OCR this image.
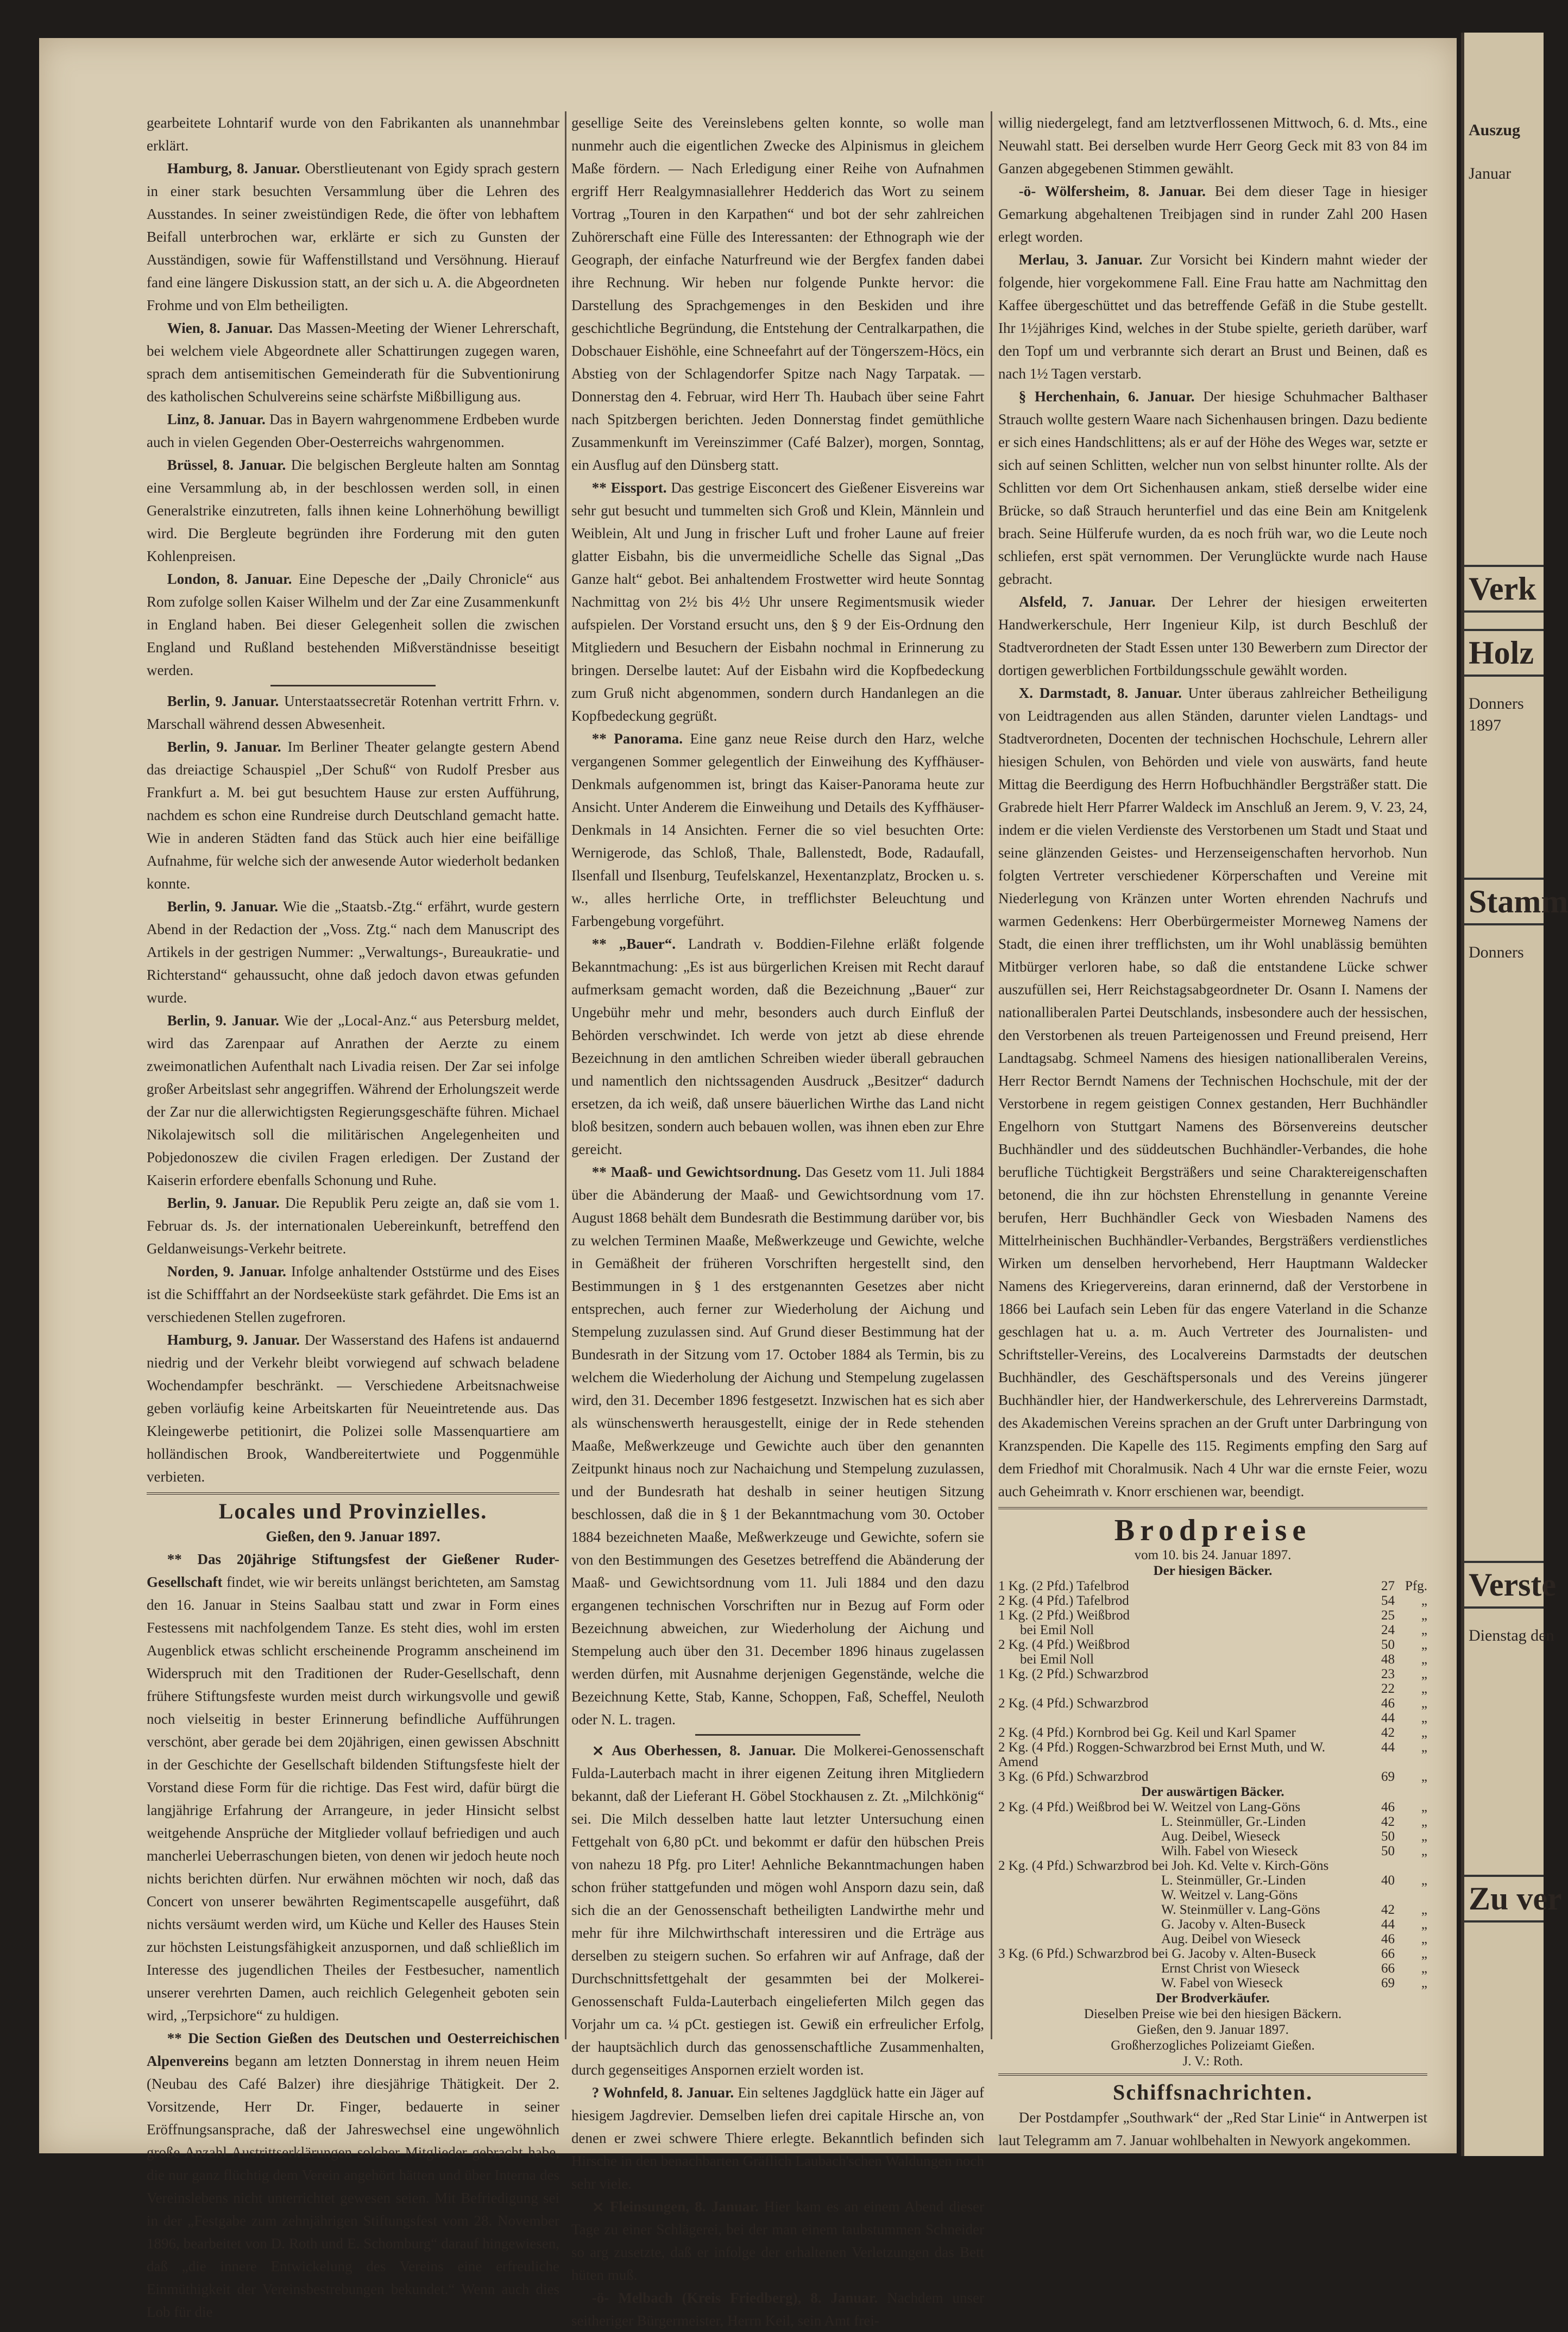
Auszug
Januar
Verk
Holz
Donners
1897
Stamm
Donners
Verste
Dienstag den
Zu ver

gearbeitete Lohntarif wurde von den Fabrikanten als unannehmbar erklärt.

Hamburg, 8. Januar. Oberstlieutenant von Egidy sprach gestern in einer stark besuchten Versammlung über die Lehren des Ausstandes. In seiner zweistündigen Rede, die öfter von lebhaftem Beifall unterbrochen war, erklärte er sich zu Gunsten der Ausständigen, sowie für Waffenstillstand und Versöhnung. Hierauf fand eine längere Diskussion statt, an der sich u. A. die Abgeordneten Frohme und von Elm betheiligten.

Wien, 8. Januar. Das Massen-Meeting der Wiener Lehrerschaft, bei welchem viele Abgeordnete aller Schattirungen zugegen waren, sprach dem antisemitischen Gemeinderath für die Subventionirung des katholischen Schulvereins seine schärfste Mißbilligung aus.

Linz, 8. Januar. Das in Bayern wahrgenommene Erdbeben wurde auch in vielen Gegenden Ober-Oesterreichs wahrgenommen.

Brüssel, 8. Januar. Die belgischen Bergleute halten am Sonntag eine Versammlung ab, in der beschlossen werden soll, in einen Generalstrike einzutreten, falls ihnen keine Lohnerhöhung bewilligt wird. Die Bergleute begründen ihre Forderung mit den guten Kohlenpreisen.

London, 8. Januar. Eine Depesche der „Daily Chronicle“ aus Rom zufolge sollen Kaiser Wilhelm und der Zar eine Zusammenkunft in England haben. Bei dieser Gelegenheit sollen die zwischen England und Rußland bestehenden Mißverständnisse beseitigt werden.

Berlin, 9. Januar. Unterstaatssecretär Rotenhan vertritt Frhrn. v. Marschall während dessen Abwesenheit.

Berlin, 9. Januar. Im Berliner Theater gelangte gestern Abend das dreiactige Schauspiel „Der Schuß“ von Rudolf Presber aus Frankfurt a. M. bei gut besuchtem Hause zur ersten Aufführung, nachdem es schon eine Rundreise durch Deutschland gemacht hatte. Wie in anderen Städten fand das Stück auch hier eine beifällige Aufnahme, für welche sich der anwesende Autor wiederholt bedanken konnte.

Berlin, 9. Januar. Wie die „Staatsb.-Ztg.“ erfährt, wurde gestern Abend in der Redaction der „Voss. Ztg.“ nach dem Manuscript des Artikels in der gestrigen Nummer: „Verwaltungs-, Bureaukratie- und Richterstand“ gehaussucht, ohne daß jedoch davon etwas gefunden wurde.

Berlin, 9. Januar. Wie der „Local-Anz.“ aus Petersburg meldet, wird das Zarenpaar auf Anrathen der Aerzte zu einem zweimonatlichen Aufenthalt nach Livadia reisen. Der Zar sei infolge großer Arbeitslast sehr angegriffen. Während der Erholungszeit werde der Zar nur die allerwichtigsten Regierungsgeschäfte führen. Michael Nikolajewitsch soll die militärischen Angelegenheiten und Pobjedonoszew die civilen Fragen erledigen. Der Zustand der Kaiserin erfordere ebenfalls Schonung und Ruhe.

Berlin, 9. Januar. Die Republik Peru zeigte an, daß sie vom 1. Februar ds. Js. der internationalen Uebereinkunft, betreffend den Geldanweisungs-Verkehr beitrete.

Norden, 9. Januar. Infolge anhaltender Oststürme und des Eises ist die Schifffahrt an der Nordseeküste stark gefährdet. Die Ems ist an verschiedenen Stellen zugefroren.

Hamburg, 9. Januar. Der Wasserstand des Hafens ist andauernd niedrig und der Verkehr bleibt vorwiegend auf schwach beladene Wochendampfer beschränkt. — Verschiedene Arbeitsnachweise geben vorläufig keine Arbeitskarten für Neueintretende aus. Das Kleingewerbe petitionirt, die Polizei solle Massenquartiere am holländischen Brook, Wandbereitertwiete und Poggenmühle verbieten.

Locales und Provinzielles.
Gießen, den 9. Januar 1897.

** Das 20jährige Stiftungsfest der Gießener Ruder-Gesellschaft findet, wie wir bereits unlängst berichteten, am Samstag den 16. Januar in Steins Saalbau statt und zwar in Form eines Festessens mit nachfolgendem Tanze. Es steht dies, wohl im ersten Augenblick etwas schlicht erscheinende Programm anscheinend im Widerspruch mit den Traditionen der Ruder-Gesellschaft, denn frühere Stiftungsfeste wurden meist durch wirkungsvolle und gewiß noch vielseitig in bester Erinnerung befindliche Aufführungen verschönt, aber gerade bei dem 20jährigen, einen gewissen Abschnitt in der Geschichte der Gesellschaft bildenden Stiftungsfeste hielt der Vorstand diese Form für die richtige. Das Fest wird, dafür bürgt die langjährige Erfahrung der Arrangeure, in jeder Hinsicht selbst weitgehende Ansprüche der Mitglieder vollauf befriedigen und auch mancherlei Ueberraschungen bieten, von denen wir jedoch heute noch nichts berichten dürfen. Nur erwähnen möchten wir noch, daß das Concert von unserer bewährten Regimentscapelle ausgeführt, daß nichts versäumt werden wird, um Küche und Keller des Hauses Stein zur höchsten Leistungsfähigkeit anzuspornen, und daß schließlich im Interesse des jugendlichen Theiles der Festbesucher, namentlich unserer verehrten Damen, auch reichlich Gelegenheit geboten sein wird, „Terpsichore“ zu huldigen.

** Die Section Gießen des Deutschen und Oesterreichischen Alpenvereins begann am letzten Donnerstag in ihrem neuen Heim (Neubau des Café Balzer) ihre diesjährige Thätigkeit. Der 2. Vorsitzende, Herr Dr. Finger, bedauerte in seiner Eröffnungsansprache, daß der Jahreswechsel eine ungewöhnlich große Anzahl Austrittserklärungen solcher Mitglieder gebracht habe, die nur ganz flüchtig dem Verein angehört hätten und über Interna des Vereinslebens nicht unterrichtet gewesen seien. Mit Befriedigung sei in der „Festgabe zum zehnjährigen Stiftungsfest vom 28. November 1896, bearbeitet von D. Roth und E. Schomburg“ darauf hingewiesen, daß „die innere Entwickelung des Vereins eine erfreuliche Einmüthigkeit der Vereinsbestrebungen bekundet.“ Wenn auch dies Lob für die

gesellige Seite des Vereinslebens gelten konnte, so wolle man nunmehr auch die eigentlichen Zwecke des Alpinismus in gleichem Maße fördern. — Nach Erledigung einer Reihe von Aufnahmen ergriff Herr Realgymnasiallehrer Hedderich das Wort zu seinem Vortrag „Touren in den Karpathen“ und bot der sehr zahlreichen Zuhörerschaft eine Fülle des Interessanten: der Ethnograph wie der Geograph, der einfache Naturfreund wie der Bergfex fanden dabei ihre Rechnung. Wir heben nur folgende Punkte hervor: die Darstellung des Sprachgemenges in den Beskiden und ihre geschichtliche Begründung, die Entstehung der Centralkarpathen, die Dobschauer Eishöhle, eine Schneefahrt auf der Töngerszem-Höcs, ein Abstieg von der Schlagendorfer Spitze nach Nagy Tarpatak. — Donnerstag den 4. Februar, wird Herr Th. Haubach über seine Fahrt nach Spitzbergen berichten. Jeden Donnerstag findet gemüthliche Zusammenkunft im Vereinszimmer (Café Balzer), morgen, Sonntag, ein Ausflug auf den Dünsberg statt.

** Eissport. Das gestrige Eisconcert des Gießener Eisvereins war sehr gut besucht und tummelten sich Groß und Klein, Männlein und Weiblein, Alt und Jung in frischer Luft und froher Laune auf freier glatter Eisbahn, bis die unvermeidliche Schelle das Signal „Das Ganze halt“ gebot. Bei anhaltendem Frostwetter wird heute Sonntag Nachmittag von 2½ bis 4½ Uhr unsere Regimentsmusik wieder aufspielen. Der Vorstand ersucht uns, den § 9 der Eis-Ordnung den Mitgliedern und Besuchern der Eisbahn nochmal in Erinnerung zu bringen. Derselbe lautet: Auf der Eisbahn wird die Kopfbedeckung zum Gruß nicht abgenommen, sondern durch Handanlegen an die Kopfbedeckung gegrüßt.

** Panorama. Eine ganz neue Reise durch den Harz, welche vergangenen Sommer gelegentlich der Einweihung des Kyffhäuser-Denkmals aufgenommen ist, bringt das Kaiser-Panorama heute zur Ansicht. Unter Anderem die Einweihung und Details des Kyffhäuser-Denkmals in 14 Ansichten. Ferner die so viel besuchten Orte: Wernigerode, das Schloß, Thale, Ballenstedt, Bode, Radaufall, Ilsenfall und Ilsenburg, Teufelskanzel, Hexentanzplatz, Brocken u. s. w., alles herrliche Orte, in trefflichster Beleuchtung und Farbengebung vorgeführt.

** „Bauer“. Landrath v. Boddien-Filehne erläßt folgende Bekanntmachung: „Es ist aus bürgerlichen Kreisen mit Recht darauf aufmerksam gemacht worden, daß die Bezeichnung „Bauer“ zur Ungebühr mehr und mehr, besonders auch durch Einfluß der Behörden verschwindet. Ich werde von jetzt ab diese ehrende Bezeichnung in den amtlichen Schreiben wieder überall gebrauchen und namentlich den nichtssagenden Ausdruck „Besitzer“ dadurch ersetzen, da ich weiß, daß unsere bäuerlichen Wirthe das Land nicht bloß besitzen, sondern auch bebauen wollen, was ihnen eben zur Ehre gereicht.

** Maaß- und Gewichtsordnung. Das Gesetz vom 11. Juli 1884 über die Abänderung der Maaß- und Gewichtsordnung vom 17. August 1868 behält dem Bundesrath die Bestimmung darüber vor, bis zu welchen Terminen Maaße, Meßwerkzeuge und Gewichte, welche in Gemäßheit der früheren Vorschriften hergestellt sind, den Bestimmungen in § 1 des erstgenannten Gesetzes aber nicht entsprechen, auch ferner zur Wiederholung der Aichung und Stempelung zuzulassen sind. Auf Grund dieser Bestimmung hat der Bundesrath in der Sitzung vom 17. October 1884 als Termin, bis zu welchem die Wiederholung der Aichung und Stempelung zugelassen wird, den 31. December 1896 festgesetzt. Inzwischen hat es sich aber als wünschenswerth herausgestellt, einige der in Rede stehenden Maaße, Meßwerkzeuge und Gewichte auch über den genannten Zeitpunkt hinaus noch zur Nachaichung und Stempelung zuzulassen, und der Bundesrath hat deshalb in seiner heutigen Sitzung beschlossen, daß die in § 1 der Bekanntmachung vom 30. October 1884 bezeichneten Maaße, Meßwerkzeuge und Gewichte, sofern sie von den Bestimmungen des Gesetzes betreffend die Abänderung der Maaß- und Gewichtsordnung vom 11. Juli 1884 und den dazu ergangenen technischen Vorschriften nur in Bezug auf Form oder Bezeichnung abweichen, zur Wiederholung der Aichung und Stempelung auch über den 31. December 1896 hinaus zugelassen werden dürfen, mit Ausnahme derjenigen Gegenstände, welche die Bezeichnung Kette, Stab, Kanne, Schoppen, Faß, Scheffel, Neuloth oder N. L. tragen.

⨯ Aus Oberhessen, 8. Januar. Die Molkerei-Genossenschaft Fulda-Lauterbach macht in ihrer eigenen Zeitung ihren Mitgliedern bekannt, daß der Lieferant H. Göbel Stockhausen z. Zt. „Milchkönig“ sei. Die Milch desselben hatte laut letzter Untersuchung einen Fettgehalt von 6,80 pCt. und bekommt er dafür den hübschen Preis von nahezu 18 Pfg. pro Liter! Aehnliche Bekanntmachungen haben schon früher stattgefunden und mögen wohl Ansporn dazu sein, daß sich die an der Genossenschaft betheiligten Landwirthe mehr und mehr für ihre Milchwirthschaft interessiren und die Erträge aus derselben zu steigern suchen. So erfahren wir auf Anfrage, daß der Durchschnittsfettgehalt der gesammten bei der Molkerei-Genossenschaft Fulda-Lauterbach eingelieferten Milch gegen das Vorjahr um ca. ¼ pCt. gestiegen ist. Gewiß ein erfreulicher Erfolg, der hauptsächlich durch das genossenschaftliche Zusammenhalten, durch gegenseitiges Anspornen erzielt worden ist.

? Wohnfeld, 8. Januar. Ein seltenes Jagdglück hatte ein Jäger auf hiesigem Jagdrevier. Demselben liefen drei capitale Hirsche an, von denen er zwei schwere Thiere erlegte. Bekanntlich befinden sich Hirsche in den benachbarten Gräflich Laubach'schen Waldungen noch sehr viele.

⨯ Fleinsungen, 8. Januar. Hier kam es an einem Abend dieser Tage zu einer Schlägerei, bei der man einem taubstummen Schneider so arg zusetzte, daß er infolge der erhaltenen Verletzungen das Bett hüten muß.

-ö- Melbach (Kreis Friedberg), 8. Januar. Nachdem unser seitheriger Bürgermeister, Herrn Keil, sein Amt frei-

willig niedergelegt, fand am letztverflossenen Mittwoch, 6. d. Mts., eine Neuwahl statt. Bei derselben wurde Herr Georg Geck mit 83 von 84 im Ganzen abgegebenen Stimmen gewählt.

-ö- Wölfersheim, 8. Januar. Bei dem dieser Tage in hiesiger Gemarkung abgehaltenen Treibjagen sind in runder Zahl 200 Hasen erlegt worden.

Merlau, 3. Januar. Zur Vorsicht bei Kindern mahnt wieder der folgende, hier vorgekommene Fall. Eine Frau hatte am Nachmittag den Kaffee übergeschüttet und das betreffende Gefäß in die Stube gestellt. Ihr 1½jähriges Kind, welches in der Stube spielte, gerieth darüber, warf den Topf um und verbrannte sich derart an Brust und Beinen, daß es nach 1½ Tagen verstarb.

§ Herchenhain, 6. Januar. Der hiesige Schuhmacher Balthaser Strauch wollte gestern Waare nach Sichenhausen bringen. Dazu bediente er sich eines Handschlittens; als er auf der Höhe des Weges war, setzte er sich auf seinen Schlitten, welcher nun von selbst hinunter rollte. Als der Schlitten vor dem Ort Sichenhausen ankam, stieß derselbe wider eine Brücke, so daß Strauch herunterfiel und das eine Bein am Knitgelenk brach. Seine Hülferufe wurden, da es noch früh war, wo die Leute noch schliefen, erst spät vernommen. Der Verunglückte wurde nach Hause gebracht.

Alsfeld, 7. Januar. Der Lehrer der hiesigen erweiterten Handwerkerschule, Herr Ingenieur Kilp, ist durch Beschluß der Stadtverordneten der Stadt Essen unter 130 Bewerbern zum Director der dortigen gewerblichen Fortbildungsschule gewählt worden.

X. Darmstadt, 8. Januar. Unter überaus zahlreicher Betheiligung von Leidtragenden aus allen Ständen, darunter vielen Landtags- und Stadtverordneten, Docenten der technischen Hochschule, Lehrern aller hiesigen Schulen, von Behörden und viele von auswärts, fand heute Mittag die Beerdigung des Herrn Hofbuchhändler Bergsträßer statt. Die Grabrede hielt Herr Pfarrer Waldeck im Anschluß an Jerem. 9, V. 23, 24, indem er die vielen Verdienste des Verstorbenen um Stadt und Staat und seine glänzenden Geistes- und Herzenseigenschaften hervorhob. Nun folgten Vertreter verschiedener Körperschaften und Vereine mit Niederlegung von Kränzen unter Worten ehrenden Nachrufs und warmen Gedenkens: Herr Oberbürgermeister Morneweg Namens der Stadt, die einen ihrer trefflichsten, um ihr Wohl unablässig bemühten Mitbürger verloren habe, so daß die entstandene Lücke schwer auszufüllen sei, Herr Reichstagsabgeordneter Dr. Osann I. Namens der nationalliberalen Partei Deutschlands, insbesondere auch der hessischen, den Verstorbenen als treuen Parteigenossen und Freund preisend, Herr Landtagsabg. Schmeel Namens des hiesigen nationalliberalen Vereins, Herr Rector Berndt Namens der Technischen Hochschule, mit der der Verstorbene in regem geistigen Connex gestanden, Herr Buchhändler Engelhorn von Stuttgart Namens des Börsenvereins deutscher Buchhändler und des süddeutschen Buchhändler-Verbandes, die hohe berufliche Tüchtigkeit Bergsträßers und seine Charaktereigenschaften betonend, die ihn zur höchsten Ehrenstellung in genannte Vereine berufen, Herr Buchhändler Geck von Wiesbaden Namens des Mittelrheinischen Buchhändler-Verbandes, Bergsträßers verdienstliches Wirken um denselben hervorhebend, Herr Hauptmann Waldecker Namens des Kriegervereins, daran erinnernd, daß der Verstorbene in 1866 bei Laufach sein Leben für das engere Vaterland in die Schanze geschlagen hat u. a. m. Auch Vertreter des Journalisten- und Schriftsteller-Vereins, des Localvereins Darmstadts der deutschen Buchhändler, des Geschäftspersonals und des Vereins jüngerer Buchhändler hier, der Handwerkerschule, des Lehrervereins Darmstadt, des Akademischen Vereins sprachen an der Gruft unter Darbringung von Kranzspenden. Die Kapelle des 115. Regiments empfing den Sarg auf dem Friedhof mit Choralmusik. Nach 4 Uhr war die ernste Feier, wozu auch Geheimrath v. Knorr erschienen war, beendigt.

Brodpreise
vom 10. bis 24. Januar 1897.
Der hiesigen Bäcker.
1 Kg. (2 Pfd.) Tafelbrod	27	Pfg.
2 Kg. (4 Pfd.) Tafelbrod	54	„
1 Kg. (2 Pfd.) Weißbrod	25	„
bei Emil Noll	24	„
2 Kg. (4 Pfd.) Weißbrod	50	„
bei Emil Noll	48	„
1 Kg. (2 Pfd.) Schwarzbrod	23	„
	22	„
2 Kg. (4 Pfd.) Schwarzbrod	46	„
	44	„
2 Kg. (4 Pfd.) Kornbrod bei Gg. Keil und Karl Spamer	42	„
2 Kg. (4 Pfd.) Roggen-Schwarzbrod bei Ernst Muth, und W. Amend	44	„
3 Kg. (6 Pfd.) Schwarzbrod	69	„
Der auswärtigen Bäcker.
2 Kg. (4 Pfd.) Weißbrod bei W. Weitzel von Lang-Göns	46	„
L. Steinmüller, Gr.-Linden	42	„
Aug. Deibel, Wieseck	50	„
Wilh. Fabel von Wieseck	50	„
2 Kg. (4 Pfd.) Schwarzbrod bei Joh. Kd. Velte v. Kirch-Göns		
L. Steinmüller, Gr.-Linden	40	„
W. Weitzel v. Lang-Göns		
W. Steinmüller v. Lang-Göns	42	„
G. Jacoby v. Alten-Buseck	44	„
Aug. Deibel von Wieseck	46	„
3 Kg. (6 Pfd.) Schwarzbrod bei G. Jacoby v. Alten-Buseck	66	„
Ernst Christ von Wieseck	66	„
W. Fabel von Wieseck	69	„
Der Brodverkäufer.
Dieselben Preise wie bei den hiesigen Bäckern.
Gießen, den 9. Januar 1897.
Großherzogliches Polizeiamt Gießen.
J. V.: Roth.
Schiffsnachrichten.

Der Postdampfer „Southwark“ der „Red Star Linie“ in Antwerpen ist laut Telegramm am 7. Januar wohlbehalten in Newyork angekommen.
